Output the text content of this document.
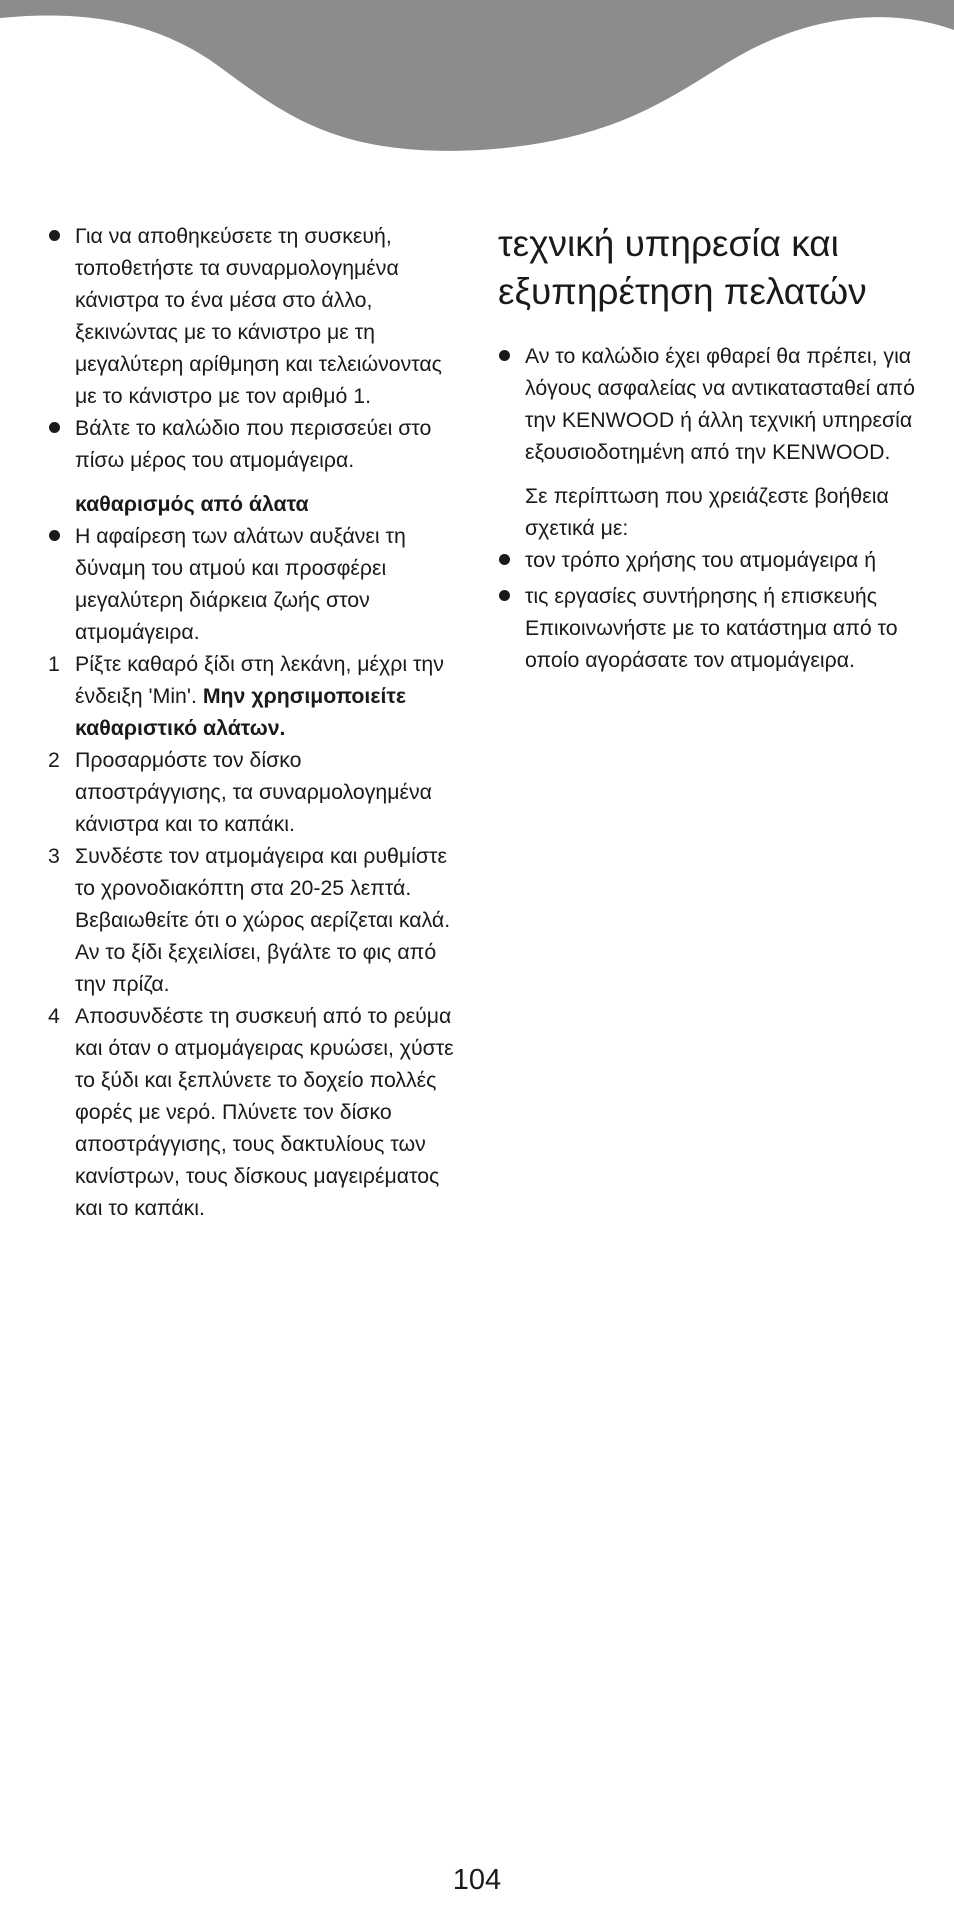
Για να αποθηκεύσετε τη συσκευή, τοποθετήστε τα συναρμολογημένα κάνιστρα το ένα μέσα στο άλλο, ξεκινώντας με το κάνιστρο με τη μεγαλύτερη αρίθμηση και τελειώνοντας με το κάνιστρο με τον αριθμό 1.

Βάλτε το καλώδιο που περισσεύει στο πίσω μέρος του ατμομάγειρα.

καθαρισμός από άλατα

Η αφαίρεση των αλάτων αυξάνει τη δύναμη του ατμού και προσφέρει μεγαλύτερη διάρκεια ζωής στον ατμομάγειρα.

1 Ρίξτε καθαρό ξίδι στη λεκάνη, μέχρι την ένδειξη 'Min'. Μην χρησιμοποιείτε καθαριστικό αλάτων.

2 Προσαρμόστε τον δίσκο αποστράγγισης, τα συναρμολογημένα κάνιστρα και το καπάκι.

3 Συνδέστε τον ατμομάγειρα και ρυθμίστε το χρονοδιακόπτη στα 20-25 λεπτά. Βεβαιωθείτε ότι ο χώρος αερίζεται καλά. Αν το ξίδι ξεχειλίσει, βγάλτε το φις από την πρίζα.

4 Αποσυνδέστε τη συσκευή από το ρεύμα και όταν ο ατμομάγειρας κρυώσει, χύστε το ξύδι και ξεπλύνετε το δοχείο πολλές φορές με νερό. Πλύνετε τον δίσκο αποστράγγισης, τους δακτυλίους των κανίστρων, τους δίσκους μαγειρέματος και το καπάκι.

τεχνική υπηρεσία και
εξυπηρέτηση πελατών

Αν το καλώδιο έχει φθαρεί θα πρέπει, για λόγους ασφαλείας να αντικατασταθεί από την KENWOOD ή άλλη τεχνική υπηρεσία εξουσιοδοτημένη από την KENWOOD.

Σε περίπτωση που χρειάζεστε βοήθεια σχετικά με:

τον τρόπο χρήσης του ατμομάγειρα ή

τις εργασίες συντήρησης ή επισκευής

Επικοινωνήστε με το κατάστημα από το οποίο αγοράσατε τον ατμομάγειρα.

104
